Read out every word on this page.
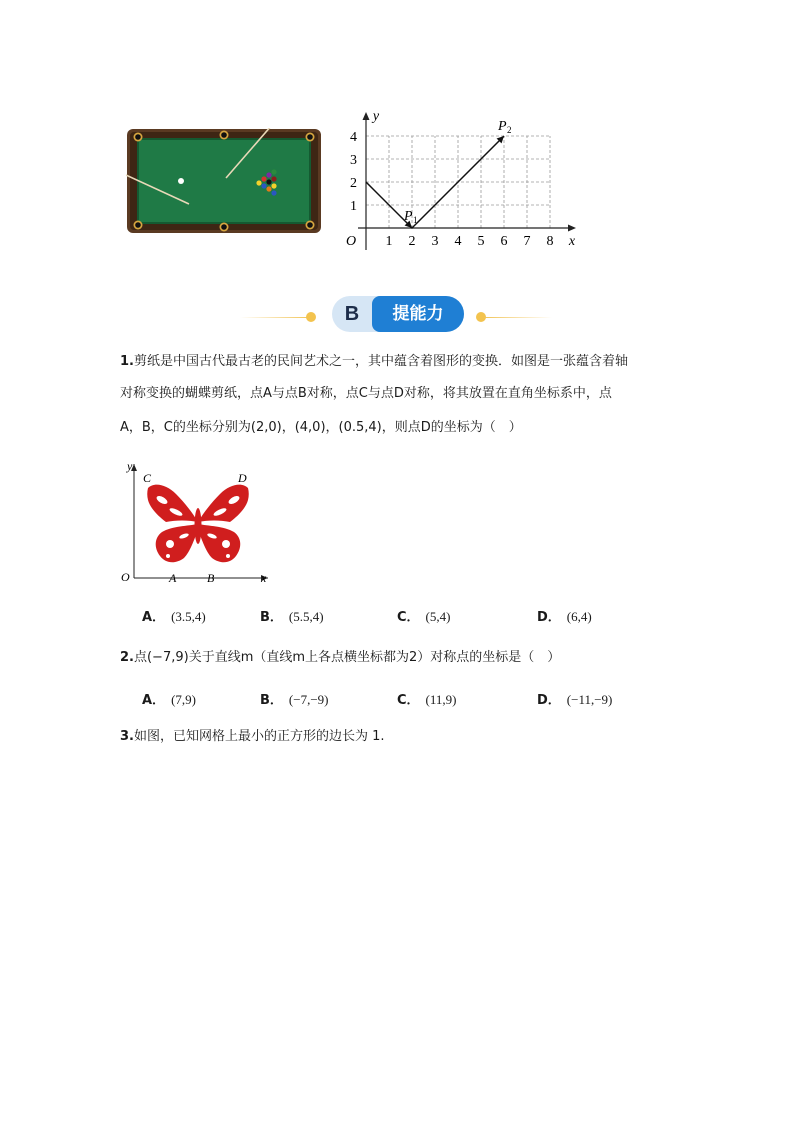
1 2 3 4 5 6 7 8
1
2
3
4
O	x
y
P 1
P 2
B	提能力
1.剪纸是中国古代最古老的民间艺术之一，其中蕴含着图形的变换．如图是一张蕴含着轴
对称变换的蝴蝶剪纸，点A与点B对称，点C与点D对称，将其放置在直角坐标系中，点
A，B，C的坐标分别为(2,0)，(4,0)，(0.5,4)，则点D的坐标为（　）
y
x
O
C	D
A	B
A． (3.5,4)	B． (5.5,4)	C． (5,4)	D． (6,4)
2.点(−7,9)关于直线m（直线m上各点横坐标都为2）对称点的坐标是（　）
A． (7,9)	B． (−7,−9)	C． (11,9)	D． (−11,−9)
3.如图，已知网格上最小的正方形的边长为 1.
